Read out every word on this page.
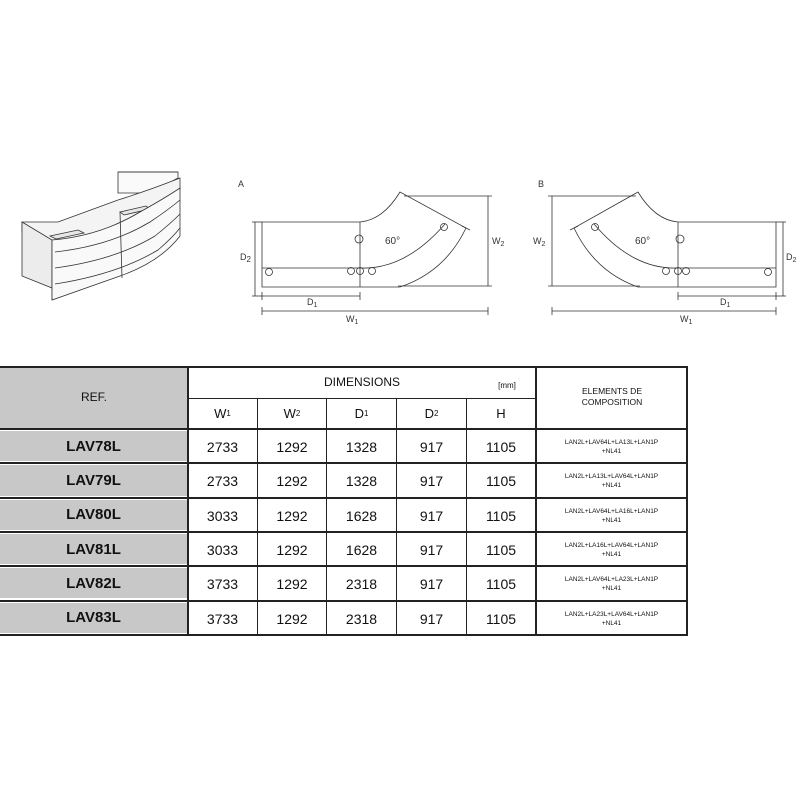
A
60°
D2
$D_1$
$W_1$
$W_2$
B
60°
$D_2$
$D_1$
$W_1$
$W_2$
REF.
DIMENSIONS	[mm]
ELEMENTS DE
COMPOSITION
W 1	W 2	D 1	D 2	H
LAV78L	2733	1292	1328	917	1105	LAN2L+LAV64L+LA13L+LAN1P
+NL41
LAV79L	2733	1292	1328	917	1105	LAN2L+LA13L+LAV64L+LAN1P
+NL41
LAV80L	3033	1292	1628	917	1105	LAN2L+LAV64L+LA16L+LAN1P
+NL41
LAV81L	3033	1292	1628	917	1105	LAN2L+LA16L+LAV64L+LAN1P
+NL41
LAV82L	3733	1292	2318	917	1105	LAN2L+LAV64L+LA23L+LAN1P
+NL41
LAV83L	3733	1292	2318	917	1105	LAN2L+LA23L+LAV64L+LAN1P
+NL41
